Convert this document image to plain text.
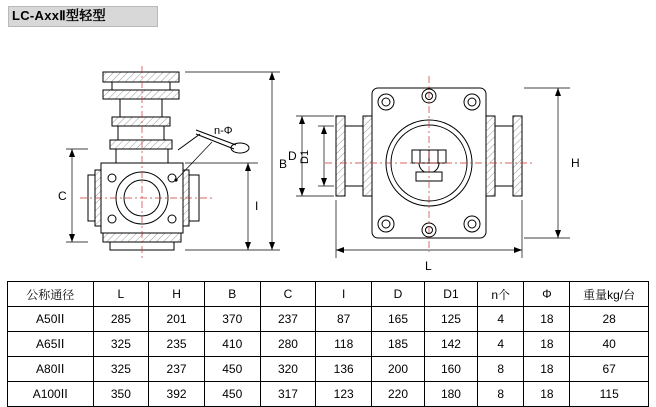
LC-AxxⅡ型轻型
n-Φ
B
I
C
D D1	H
L
公称通径	L	H	B	C	I	D	D1	n个	Φ	重量kg/台
A50ⅠⅠ	285	201	370	237	87	165	125	4	18	28
A65ⅠⅠ	325	235	410	280	118	185	142	4	18	40
A80ⅠⅠ	325	237	450	320	136	200	160	8	18	67
A100ⅠⅠ	350	392	450	317	123	220	180	8	18	115
